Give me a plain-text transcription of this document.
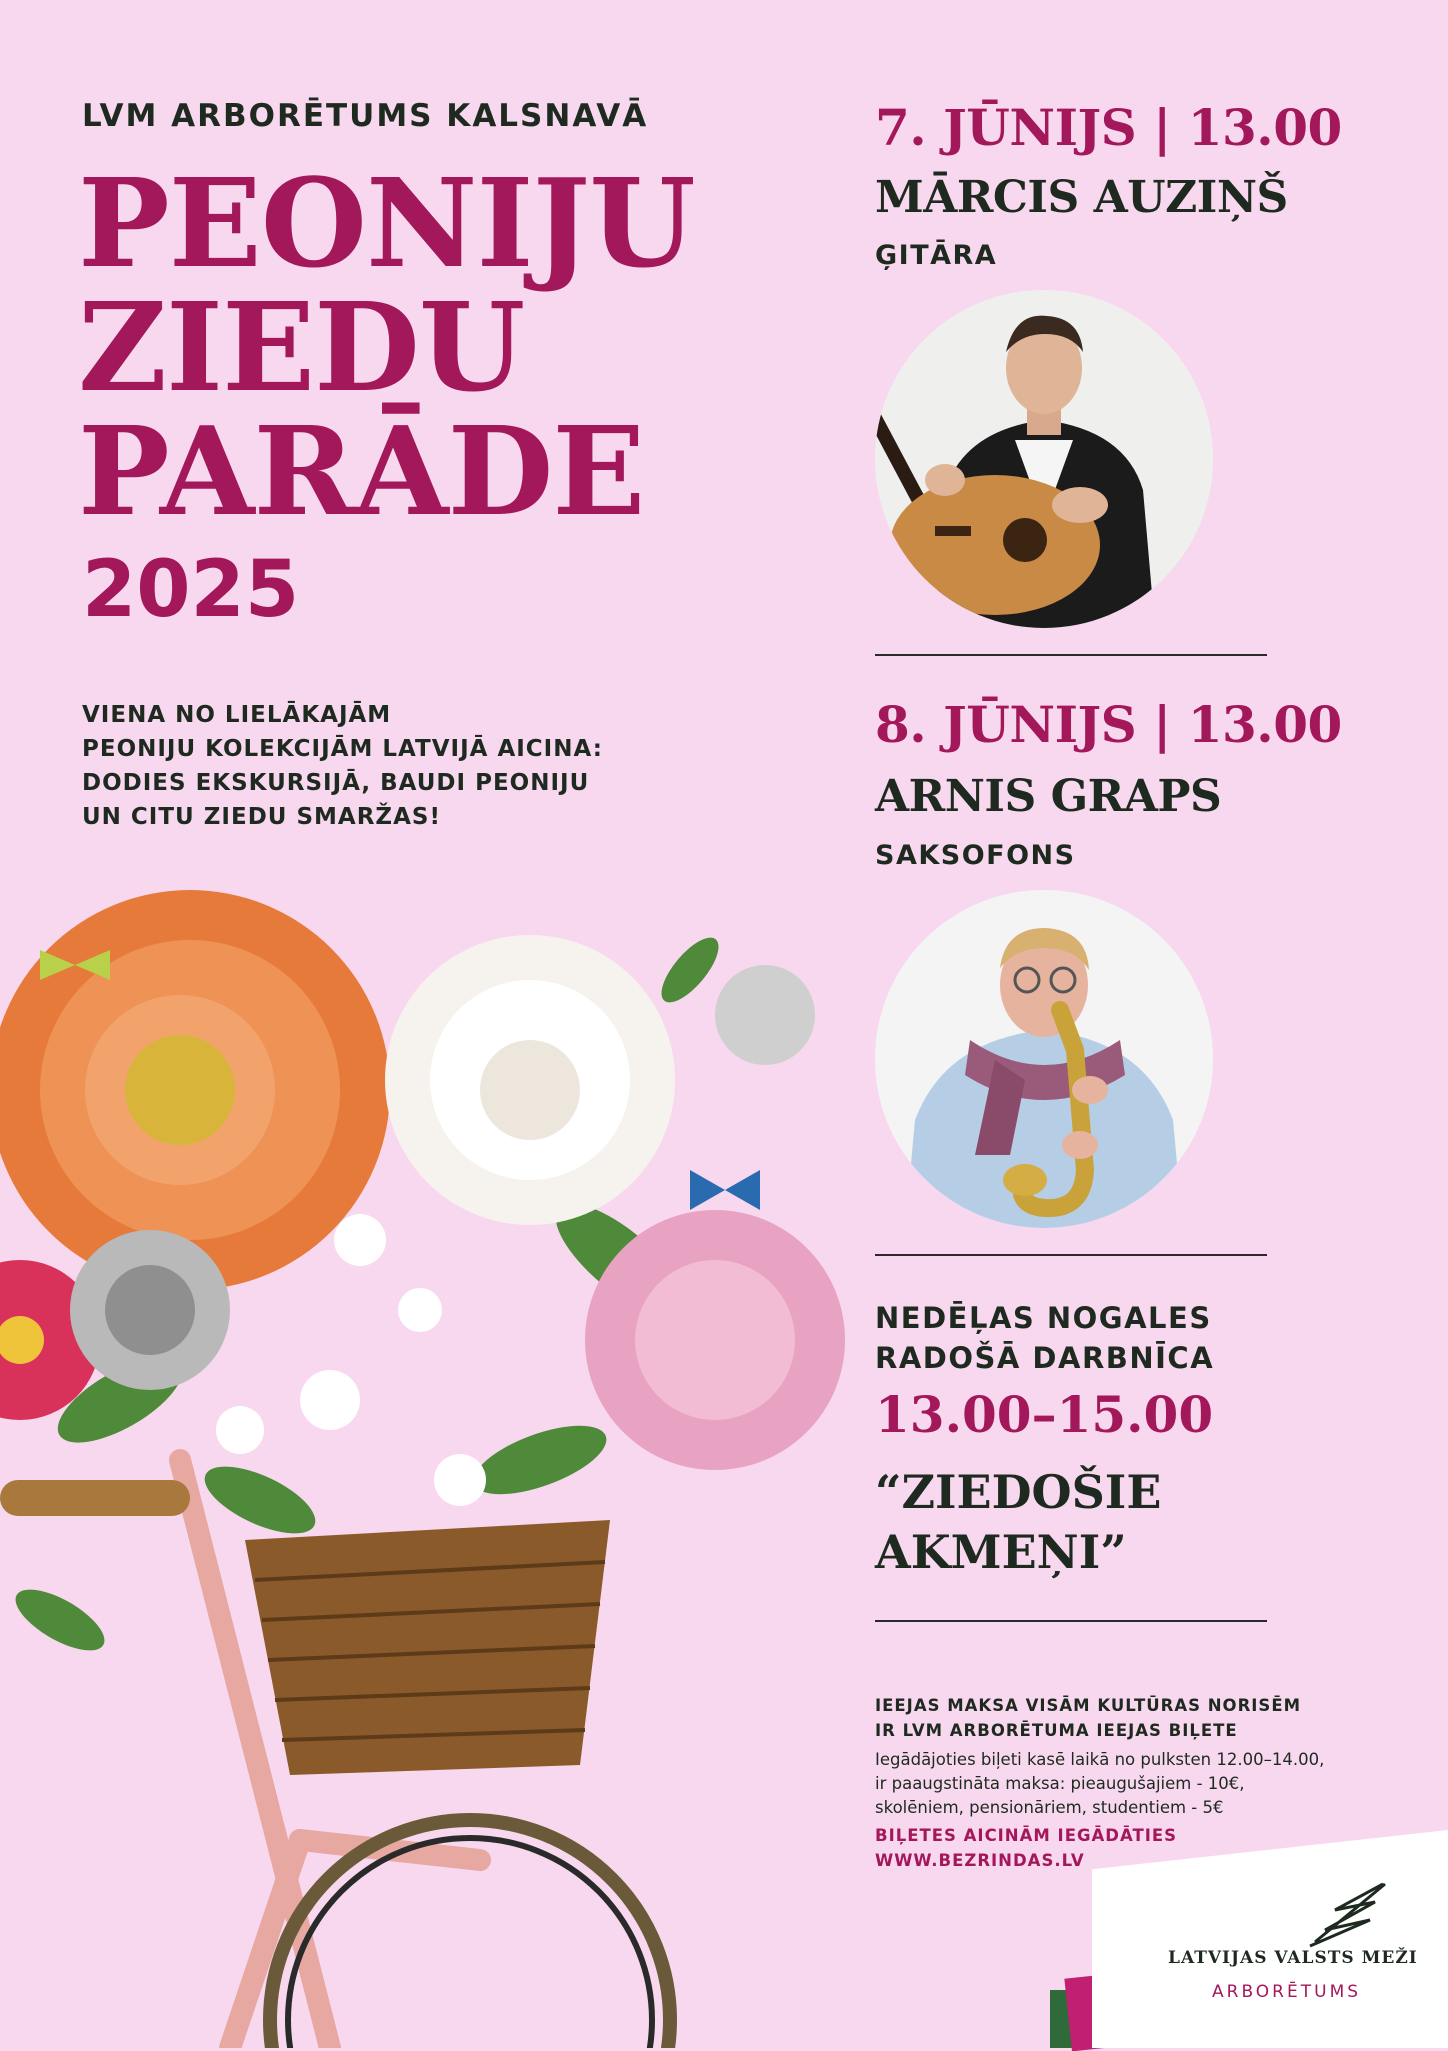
LVM ARBORĒTUMS KALSNAVĀ
PEONIJU
ZIEDU
PARĀDE
2025
VIENA NO LIELĀKAJĀM
PEONIJU KOLEKCIJĀM LATVIJĀ AICINA:
DODIES EKSKURSIJĀ, BAUDI PEONIJU
UN CITU ZIEDU SMARŽAS!
7. JŪNIJS | 13.00
MĀRCIS AUZIŅŠ
ĢITĀRA
8. JŪNIJS | 13.00
ARNIS GRAPS
SAKSOFONS
NEDĒĻAS NOGALES
RADOŠĀ DARBNĪCA
13.00–15.00
“ZIEDOŠIE
AKMEŅI”
IEEJAS MAKSA VISĀM KULTŪRAS NORISĒM
IR LVM ARBORĒTUMA IEEJAS BIĻETE
Iegādājoties biļeti kasē laikā no pulksten 12.00–14.00,
ir paaugstināta maksa: pieaugušajiem - 10€,
skolēniem, pensionāriem, studentiem - 5€
BIĻETES AICINĀM IEGĀDĀTIES
WWW.BEZRINDAS.LV
LATVIJAS VALSTS MEŽI
ARBORĒTUMS
